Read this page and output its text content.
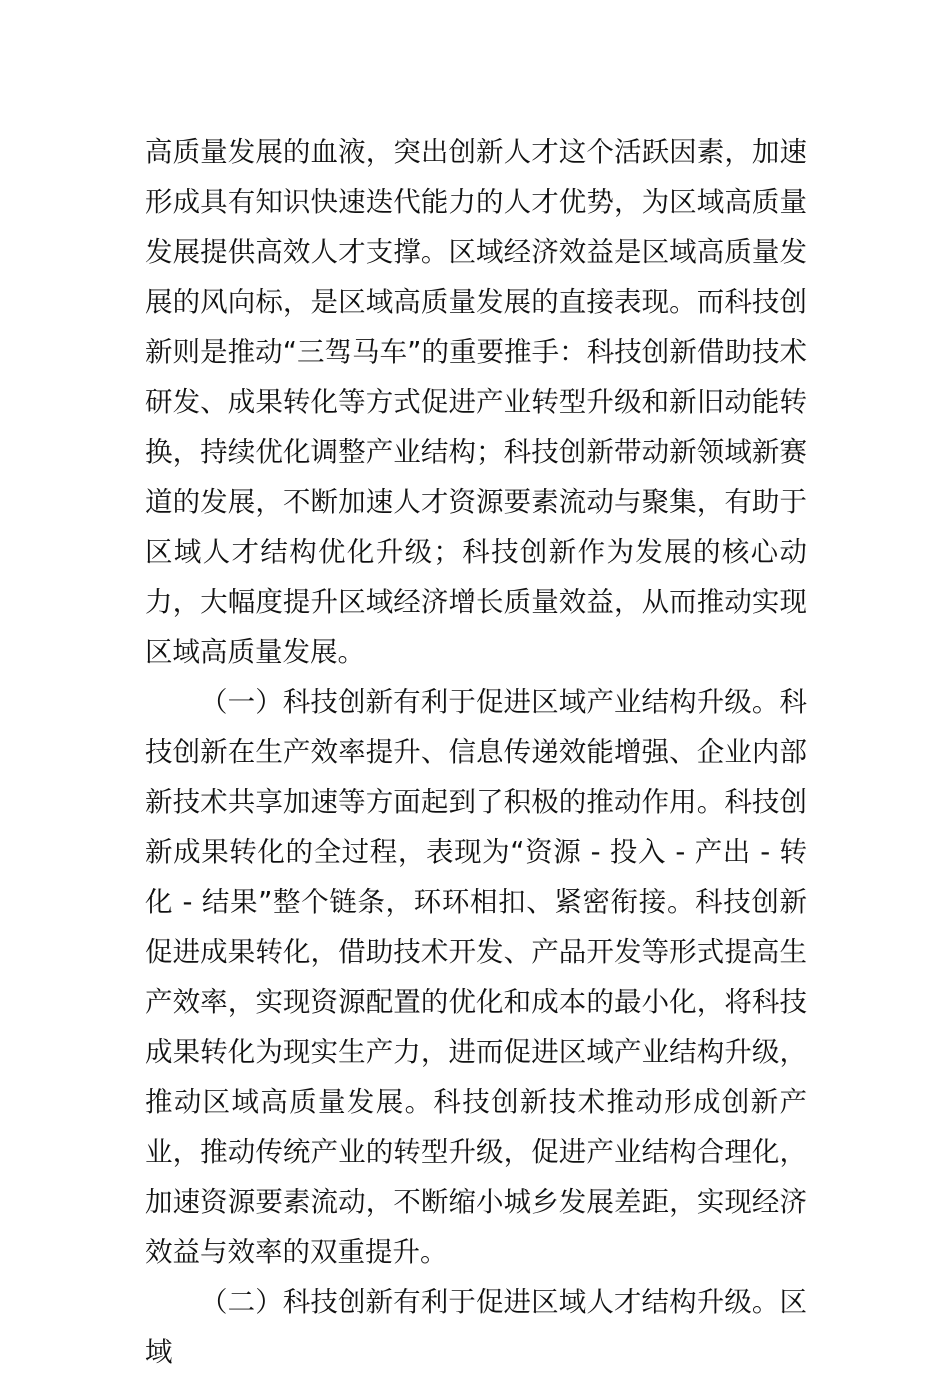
高质量发展的血液，突出创新人才这个活跃因素，加速形成具有知识快速迭代能力的人才优势，为区域高质量发展提供高效人才支撑。区域经济效益是区域高质量发展的风向标，是区域高质量发展的直接表现。而科技创新则是推动“三驾马车”的重要推手：科技创新借助技术研发、成果转化等方式促进产业转型升级和新旧动能转换，持续优化调整产业结构；科技创新带动新领域新赛道的发展，不断加速人才资源要素流动与聚集，有助于区域人才结构优化升级；科技创新作为发展的核心动力，大幅度提升区域经济增长质量效益，从而推动实现区域高质量发展。

（一）科技创新有利于促进区域产业结构升级。科技创新在生产效率提升、信息传递效能增强、企业内部新技术共享加速等方面起到了积极的推动作用。科技创新成果转化的全过程，表现为“资源 - 投入 - 产出 - 转化 - 结果”整个链条，环环相扣、紧密衔接。科技创新促进成果转化，借助技术开发、产品开发等形式提高生产效率，实现资源配置的优化和成本的最小化，将科技成果转化为现实生产力，进而促进区域产业结构升级，推动区域高质量发展。科技创新技术推动形成创新产业，推动传统产业的转型升级，促进产业结构合理化，加速资源要素流动，不断缩小城乡发展差距，实现经济效益与效率的双重提升。

（二）科技创新有利于促进区域人才结构升级。区域
